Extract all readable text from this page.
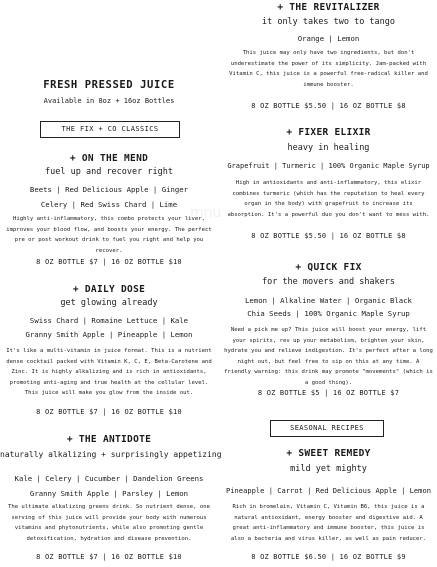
mnu
FRESH PRESSED JUICE
Available in 8oz + 16oz Bottles
THE FIX + CO CLASSICS
+ ON THE MEND
fuel up and recover right
Beets | Red Delicious Apple | Ginger
Celery | Red Swiss Chard | Lime
Highly anti-inflammatory, this combo protects your liver, improves your blood flow, and boosts your energy. The perfect pre or post workout drink to fuel you right and help you recover.
8 OZ BOTTLE $7 | 16 OZ BOTTLE $10
+ DAILY DOSE
get glowing already
Swiss Chard | Romaine Lettuce | Kale
Granny Smith Apple | Pineapple | Lemon
It's like a multi-vitamin in juice format. This is a nutrient dense cocktail packed with Vitamin K, C, E, Beta-Carotene and Zinc. It is highly alkalizing and is rich in antioxidants, promoting anti-aging and true health at the cellular level. This juice will make you glow from the inside out.
8 OZ BOTTLE $7 | 16 OZ BOTTLE $10
+ THE ANTIDOTE
naturally alkalizing + surprisingly appetizing
Kale | Celery | Cucumber | Dandelion Greens
Granny Smith Apple | Parsley | Lemon
The ultimate alkalizing greens drink. So nutrient dense, one serving of this juice will provide your body with numerous vitamins and phytonutrients, while also promoting gentle detoxification, hydration and disease prevention.
8 OZ BOTTLE $7 | 16 OZ BOTTLE $10
+ THE REVITALIZER
it only takes two to tango
Orange | Lemon
This juice may only have two ingredients, but don't underestimate the power of its simplicity. Jam-packed with Vitamin C, this juice is a powerful free-radical killer and immune booster.
8 OZ BOTTLE $5.50 | 16 OZ BOTTLE $8
+ FIXER ELIXIR
heavy in healing
Grapefruit | Turmeric | 100% Organic Maple Syrup
High in antioxidants and anti-inflammatory, this elixir combines turmeric (which has the reputation to heal every organ in the body) with grapefruit to increase its absorption. It's a powerful duo you don't want to mess with.
8 OZ BOTTLE $5.50 | 16 OZ BOTTLE $8
+ QUICK FIX
for the movers and shakers
Lemon | Alkaline Water | Organic Black
Chia Seeds | 100% Organic Maple Syrup
Need a pick me up? This juice will boost your energy, lift your spirits, rev up your metabolism, brighten your skin, hydrate you and relieve indigestion. It's perfect after a long night out, but feel free to sip on this at any time. A friendly warning: this drink may promote "movements" (which is a good thing).
8 OZ BOTTLE $5 | 16 OZ BOTTLE $7
SEASONAL RECIPES
+ SWEET REMEDY
mild yet mighty
Pineapple | Carrot | Red Delicious Apple | Lemon
Rich in bromelain, Vitamin C, Vitamin B6, this juice is a natural antioxidant, energy booster and digestive aid. A great anti-inflammatory and immune booster, this juice is also a bacteria and virus killer, as well as pain reducer.
8 OZ BOTTLE $6.50 | 16 OZ BOTTLE $9
